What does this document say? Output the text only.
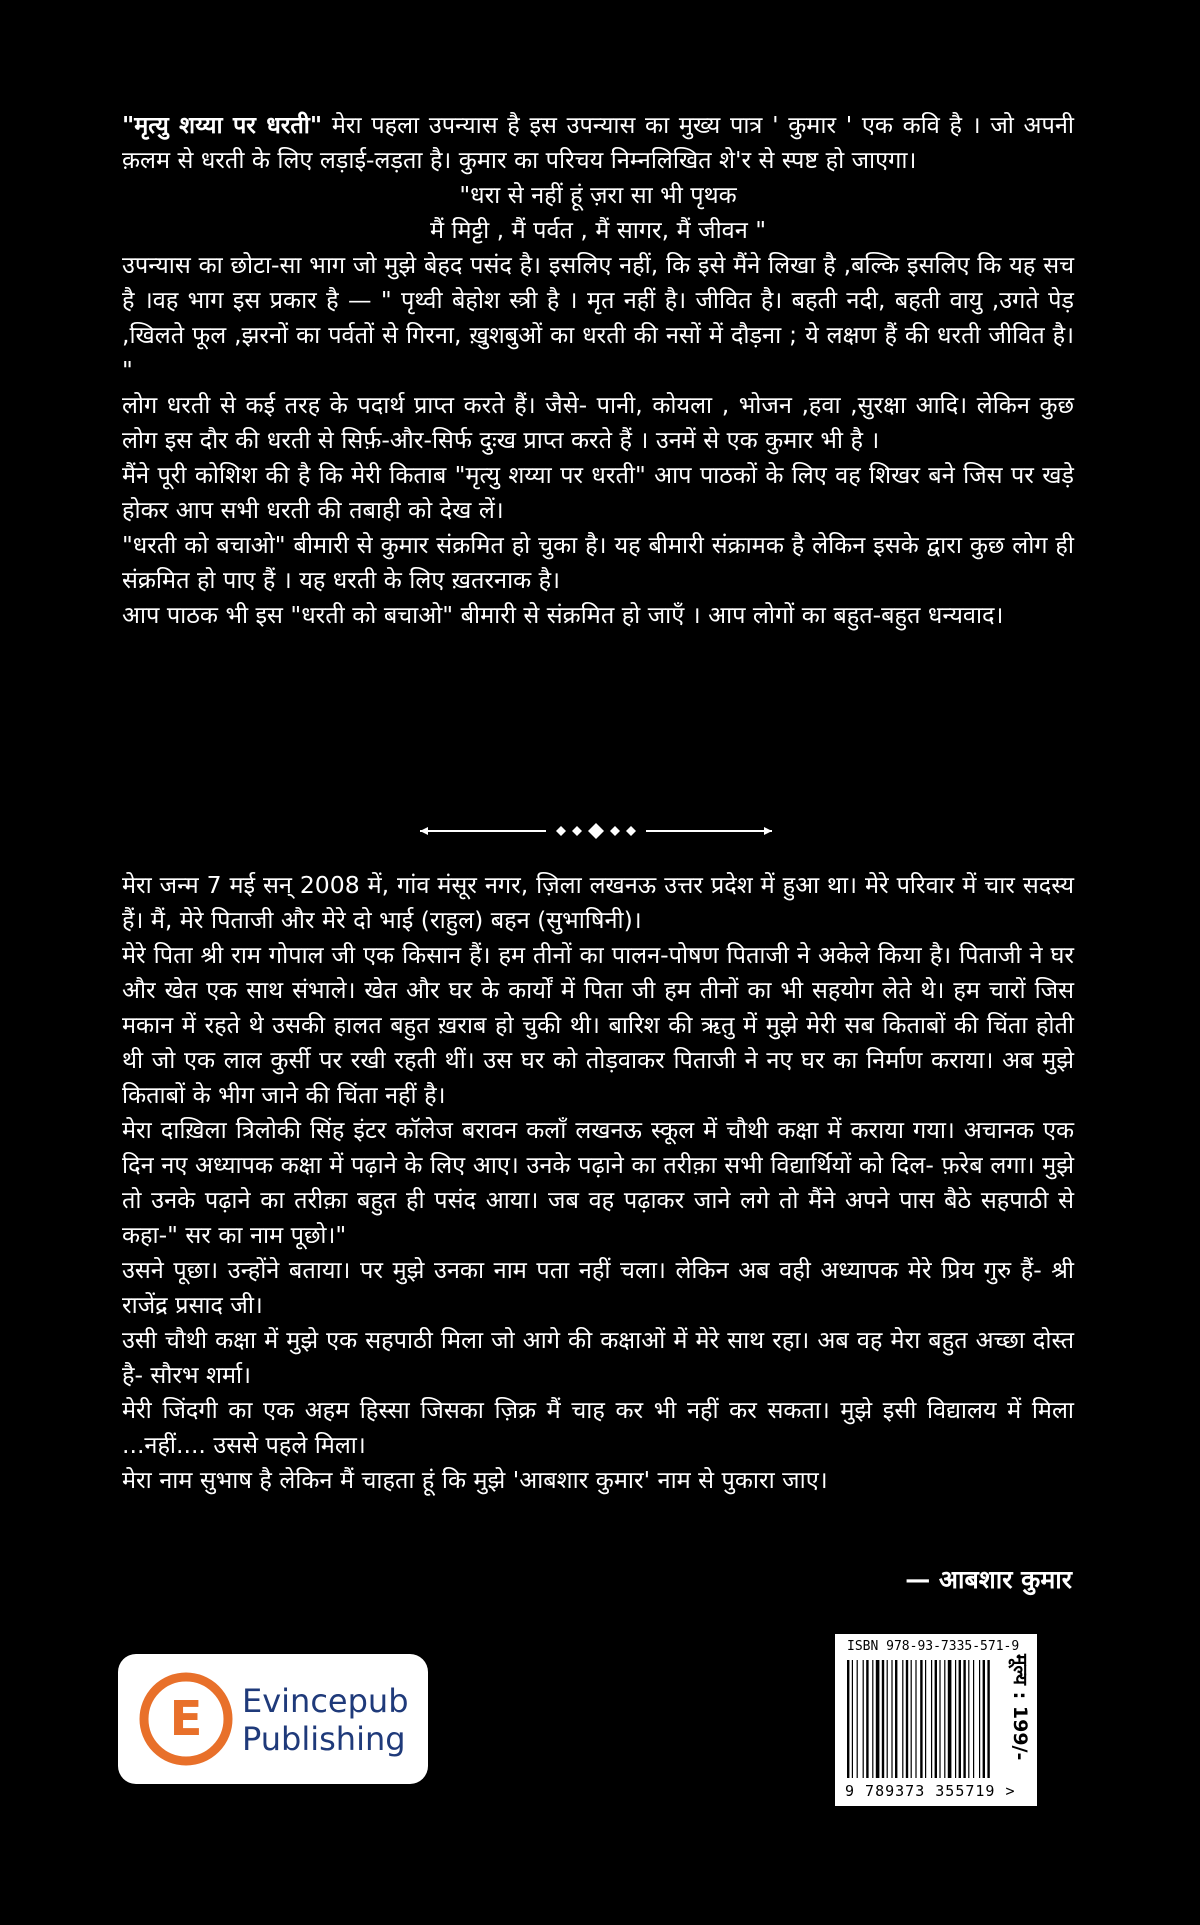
"मृत्यु शय्या पर धरती" मेरा पहला उपन्यास है इस उपन्यास का मुख्य पात्र ' कुमार ' एक कवि है । जो अपनी क़लम से धरती के लिए लड़ाई-लड़ता है। कुमार का परिचय निम्नलिखित शे'र से स्पष्ट हो जाएगा।

"धरा से नहीं हूं ज़रा सा भी पृथक

मैं मिट्टी , मैं पर्वत , मैं सागर, मैं जीवन "

उपन्यास का छोटा-सा भाग जो मुझे बेहद पसंद है। इसलिए नहीं, कि इसे मैंने लिखा है ,बल्कि इसलिए कि यह सच है ।वह भाग इस प्रकार है — " पृथ्वी बेहोश स्त्री है । मृत नहीं है। जीवित है। बहती नदी, बहती वायु ,उगते पेड़ ,खिलते फूल ,झरनों का पर्वतों से गिरना, ख़ुशबुओं का धरती की नसों में दौड़ना ; ये लक्षण हैं की धरती जीवित है। "

लोग धरती से कई तरह के पदार्थ प्राप्त करते हैं। जैसे- पानी, कोयला , भोजन ,हवा ,सुरक्षा आदि। लेकिन कुछ लोग इस दौर की धरती से सिर्फ़-और-सिर्फ दुःख प्राप्त करते हैं । उनमें से एक कुमार भी है ।

मैंने पूरी कोशिश की है कि मेरी किताब "मृत्यु शय्या पर धरती" आप पाठकों के लिए वह शिखर बने जिस पर खड़े होकर आप सभी धरती की तबाही को देख लें।

"धरती को बचाओ" बीमारी से कुमार संक्रमित हो चुका है। यह बीमारी संक्रामक है लेकिन इसके द्वारा कुछ लोग ही संक्रमित हो पाए हैं । यह धरती के लिए ख़तरनाक है।

आप पाठक भी इस "धरती को बचाओ" बीमारी से संक्रमित हो जाएँ । आप लोगों का बहुत-बहुत धन्यवाद।

मेरा जन्म 7 मई सन् 2008 में, गांव मंसूर नगर, ज़िला लखनऊ उत्तर प्रदेश में हुआ था। मेरे परिवार में चार सदस्य हैं। मैं, मेरे पिताजी और मेरे दो भाई (राहुल) बहन (सुभाषिनी)।

मेरे पिता श्री राम गोपाल जी एक किसान हैं। हम तीनों का पालन-पोषण पिताजी ने अकेले किया है। पिताजी ने घर और खेत एक साथ संभाले। खेत और घर के कार्यों में पिता जी हम तीनों का भी सहयोग लेते थे। हम चारों जिस मकान में रहते थे उसकी हालत बहुत ख़राब हो चुकी थी। बारिश की ऋतु में मुझे मेरी सब किताबों की चिंता होती थी जो एक लाल कुर्सी पर रखी रहती थीं। उस घर को तोड़वाकर पिताजी ने नए घर का निर्माण कराया। अब मुझे किताबों के भीग जाने की चिंता नहीं है।

मेरा दाख़िला त्रिलोकी सिंह इंटर कॉलेज बरावन कलाँ लखनऊ स्कूल में चौथी कक्षा में कराया गया। अचानक एक दिन नए अध्यापक कक्षा में पढ़ाने के लिए आए। उनके पढ़ाने का तरीक़ा सभी विद्यार्थियों को दिल- फ़रेब लगा। मुझे तो उनके पढ़ाने का तरीक़ा बहुत ही पसंद आया। जब वह पढ़ाकर जाने लगे तो मैंने अपने पास बैठे सहपाठी से कहा-" सर का नाम पूछो।"

उसने पूछा। उन्होंने बताया। पर मुझे उनका नाम पता नहीं चला। लेकिन अब वही अध्यापक मेरे प्रिय गुरु हैं- श्री राजेंद्र प्रसाद जी।

उसी चौथी कक्षा में मुझे एक सहपाठी मिला जो आगे की कक्षाओं में मेरे साथ रहा। अब वह मेरा बहुत अच्छा दोस्त है- सौरभ शर्मा।

मेरी जिंदगी का एक अहम हिस्सा जिसका ज़िक्र मैं चाह कर भी नहीं कर सकता। मुझे इसी विद्यालय में मिला ...नहीं.... उससे पहले मिला।

मेरा नाम सुभाष है लेकिन मैं चाहता हूं कि मुझे 'आबशार कुमार' नाम से पुकारा जाए।

— आबशार कुमार
E Evincepub
Publishing
ISBN 978-93-7335-571-9
9 789373 355719 >
मूल्य : 199/-
